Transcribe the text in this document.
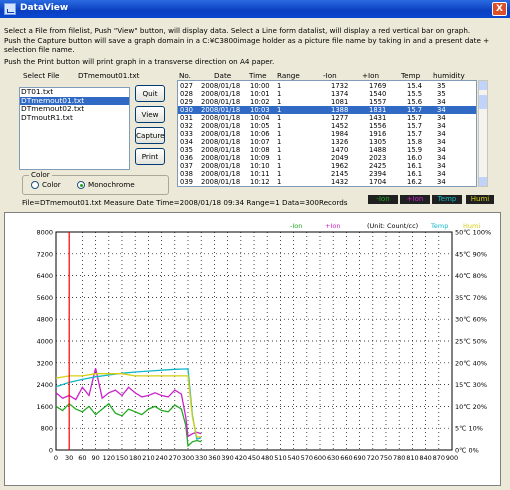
DataView	X
Select a File from filelist, Push "View" button, will display data. Select a Line form datalist, will display a red vertical bar on graph.
Push the Capture button will save a graph domain in a C:¥C3800image holder as a picture file name by taking in and a present date +
selection file name.
Push the Print button will print graph in a transverse direction on A4 paper.
Select File	DTmemout01.txt
DT01.txt
DTmemout01.txt
DTmemout02.txt
DTmoutR1.txt
Quit
View
Capture
Print
Color
Color	Monochrome
No.	Date Time Range	-Ion	+Ion	Temp humidity
027 2008/01/18 10:00 1	1732	1769	15.4 35
028 2008/01/18 10:01 1	1374	1540	15.5 35
029 2008/01/18 10:02 1	1081	1557	15.6 34
030 2008/01/18 10:03 1	1388	1831	15.7 34
031 2008/01/18 10:04 1	1277	1431	15.7 34
032 2008/01/18 10:05 1	1452	1556	15.7 34
033 2008/01/18 10:06 1	1984	1916	15.7 34
034 2008/01/18 10:07 1	1326	1305	15.8 34
035 2008/01/18 10:08 1	1470	1488	15.9 34
036 2008/01/18 10:09 1	2049	2023	16.0 34
037 2008/01/18 10:10 1	1962	2425	16.1 34
038 2008/01/18 10:11 1	2145	2394	16.1 34
039 2008/01/18 10:12 1	1432	1704	16.2 34
File=DTmemout01.txt Measure Date Time=2008/01/18 09:34 Range=1 Data=300Records	-Ion	+Ion	Temp	Humi
0 30 60 90 120 150 180 210 240 270 300 330 360 390 420 450 480 510 540 570 600 630 660 690 720 750 780 810 840 870 900
8000	50℃ 100%
7200	45℃ 90%
6400	40℃ 80%
5600	35℃ 70%
4800	30℃ 60%
4000	25℃ 50%
3200	20℃ 40%
2400	15℃ 30%
1600	10℃ 20%
800	5℃ 10%
0	0℃ 0%
-Ion	+Ion	(Unit: Count/cc) Temp Humi
